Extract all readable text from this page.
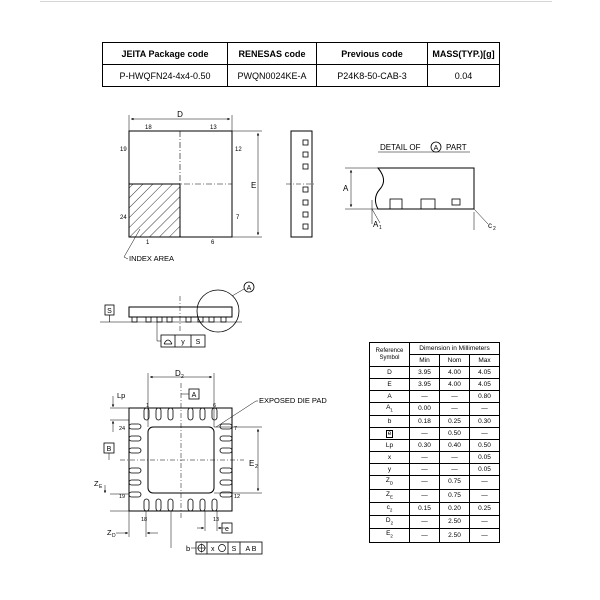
JEITA Package code	RENESAS code	Previous code	MASS(TYP.)[g]
P-HWQFN24-4x4-0.50	PWQN0024KE-A	P24K8-50-CAB-3	0.04
D
E
18	13
19	12
24	7
1	6
INDEX AREA
DETAIL OF A PART
A
A 1	c 2
S
A
y S
D 2
A
Lp
EXPOSED DIE PAD
B
E 2
Z E
Z D
1	6
24	7
19	12
18	13
e
b	x S A B
Reference Symbol	Dimension in Millimeters		
	Min	Nom	Max
D	3.95	4.00	4.05
E	3.95	4.00	4.05
A	—	—	0.80
$A_1$	0.00	—	—
b	0.18	0.25	0.30
e	—	0.50	—
Lp	0.30	0.40	0.50
x	—	—	0.05
y	—	—	0.05
$Z_D$	—	0.75	—
$Z_E$	—	0.75	—
$c_2$	0.15	0.20	0.25
$D_2$	—	2.50	—
$E_2$	—	2.50	—
